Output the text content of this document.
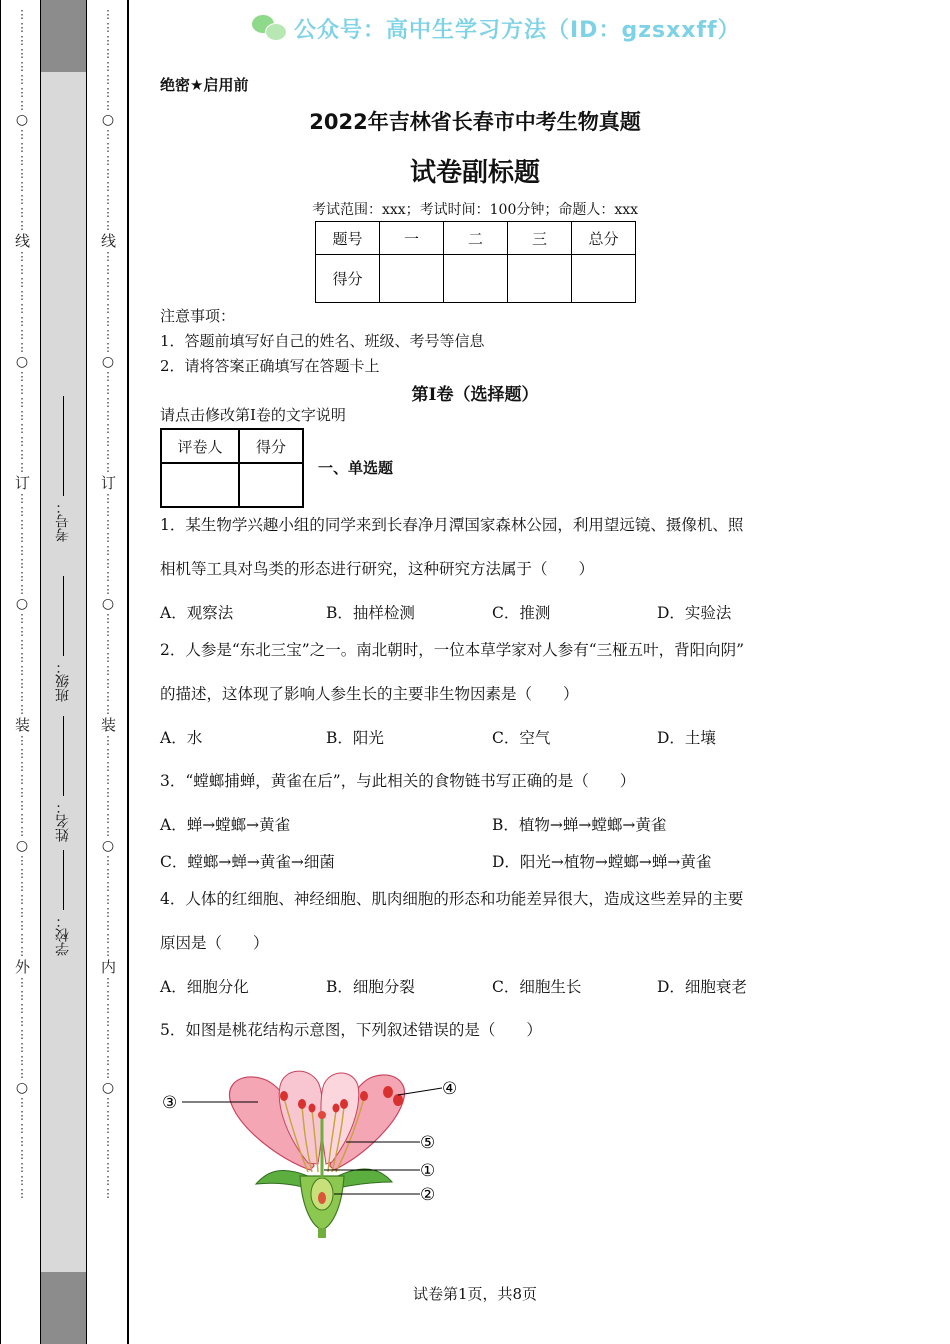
⋮
⋮
⋮
⋮
⋮
⋮
⋮
⋮
○
⋮
⋮
⋮
⋮
⋮
⋮
⋮
⋮
线
⋮
⋮
⋮
⋮
⋮
⋮
⋮
⋮
○
⋮
⋮
⋮
⋮
⋮
⋮
⋮
⋮
订
⋮
⋮
⋮
⋮
⋮
⋮
⋮
⋮
○
⋮
⋮
⋮
⋮
⋮
⋮
⋮
⋮
装
⋮
⋮
⋮
⋮
⋮
⋮
⋮
⋮
○
⋮
⋮
⋮
⋮
⋮
⋮
⋮
⋮
外
⋮
⋮
⋮
⋮
⋮
⋮
⋮
⋮
○
⋮
⋮
⋮
⋮
⋮
⋮
⋮
⋮
⋮
⋮
⋮
⋮
⋮
⋮
⋮
⋮
○
⋮
⋮
⋮
⋮
⋮
⋮
⋮
⋮
线
⋮
⋮
⋮
⋮
⋮
⋮
⋮
⋮
○
⋮
⋮
⋮
⋮
⋮
⋮
⋮
⋮
订
⋮
⋮
⋮
⋮
⋮
⋮
⋮
⋮
○
⋮
⋮
⋮
⋮
⋮
⋮
⋮
⋮
装
⋮
⋮
⋮
⋮
⋮
⋮
⋮
⋮
○
⋮
⋮
⋮
⋮
⋮
⋮
⋮
⋮
内
⋮
⋮
⋮
⋮
⋮
⋮
⋮
⋮
○
⋮
⋮
⋮
⋮
⋮
⋮
⋮
⋮
考号：
班级：
姓名：
学校：
公众号：高中生学习方法（ID：gzsxxff）
绝密★启用前
2022年吉林省长春市中考生物真题
试卷副标题
考试范围：xxx；考试时间：100分钟；命题人：xxx
题号	一	二	三	总分
得分				
注意事项：
1．答题前填写好自己的姓名、班级、考号等信息
2．请将答案正确填写在答题卡上
第I卷（选择题）
请点击修改第I卷的文字说明
评卷人	得分

一、单选题
1．某生物学兴趣小组的同学来到长春净月潭国家森林公园，利用望远镜、摄像机、照
相机等工具对鸟类的形态进行研究，这种研究方法属于（　　）
A．观察法	B．抽样检测	C．推测	D．实验法
2．人参是“东北三宝”之一。南北朝时，一位本草学家对人参有“三桠五叶，背阳向阴”
的描述，这体现了影响人参生长的主要非生物因素是（　　）
A．水	B．阳光	C．空气	D．土壤
3．“螳螂捕蝉，黄雀在后”，与此相关的食物链书写正确的是（　　）
A．蝉→螳螂→黄雀	B．植物→蝉→螳螂→黄雀
C．螳螂→蝉→黄雀→细菌	D．阳光→植物→螳螂→蝉→黄雀
4．人体的红细胞、神经细胞、肌肉细胞的形态和功能差异很大，造成这些差异的主要
原因是（　　）
A．细胞分化	B．细胞分裂	C．细胞生长	D．细胞衰老
5．如图是桃花结构示意图，下列叙述错误的是（　　）
③
④
⑤
①
②
试卷第1页，共8页
